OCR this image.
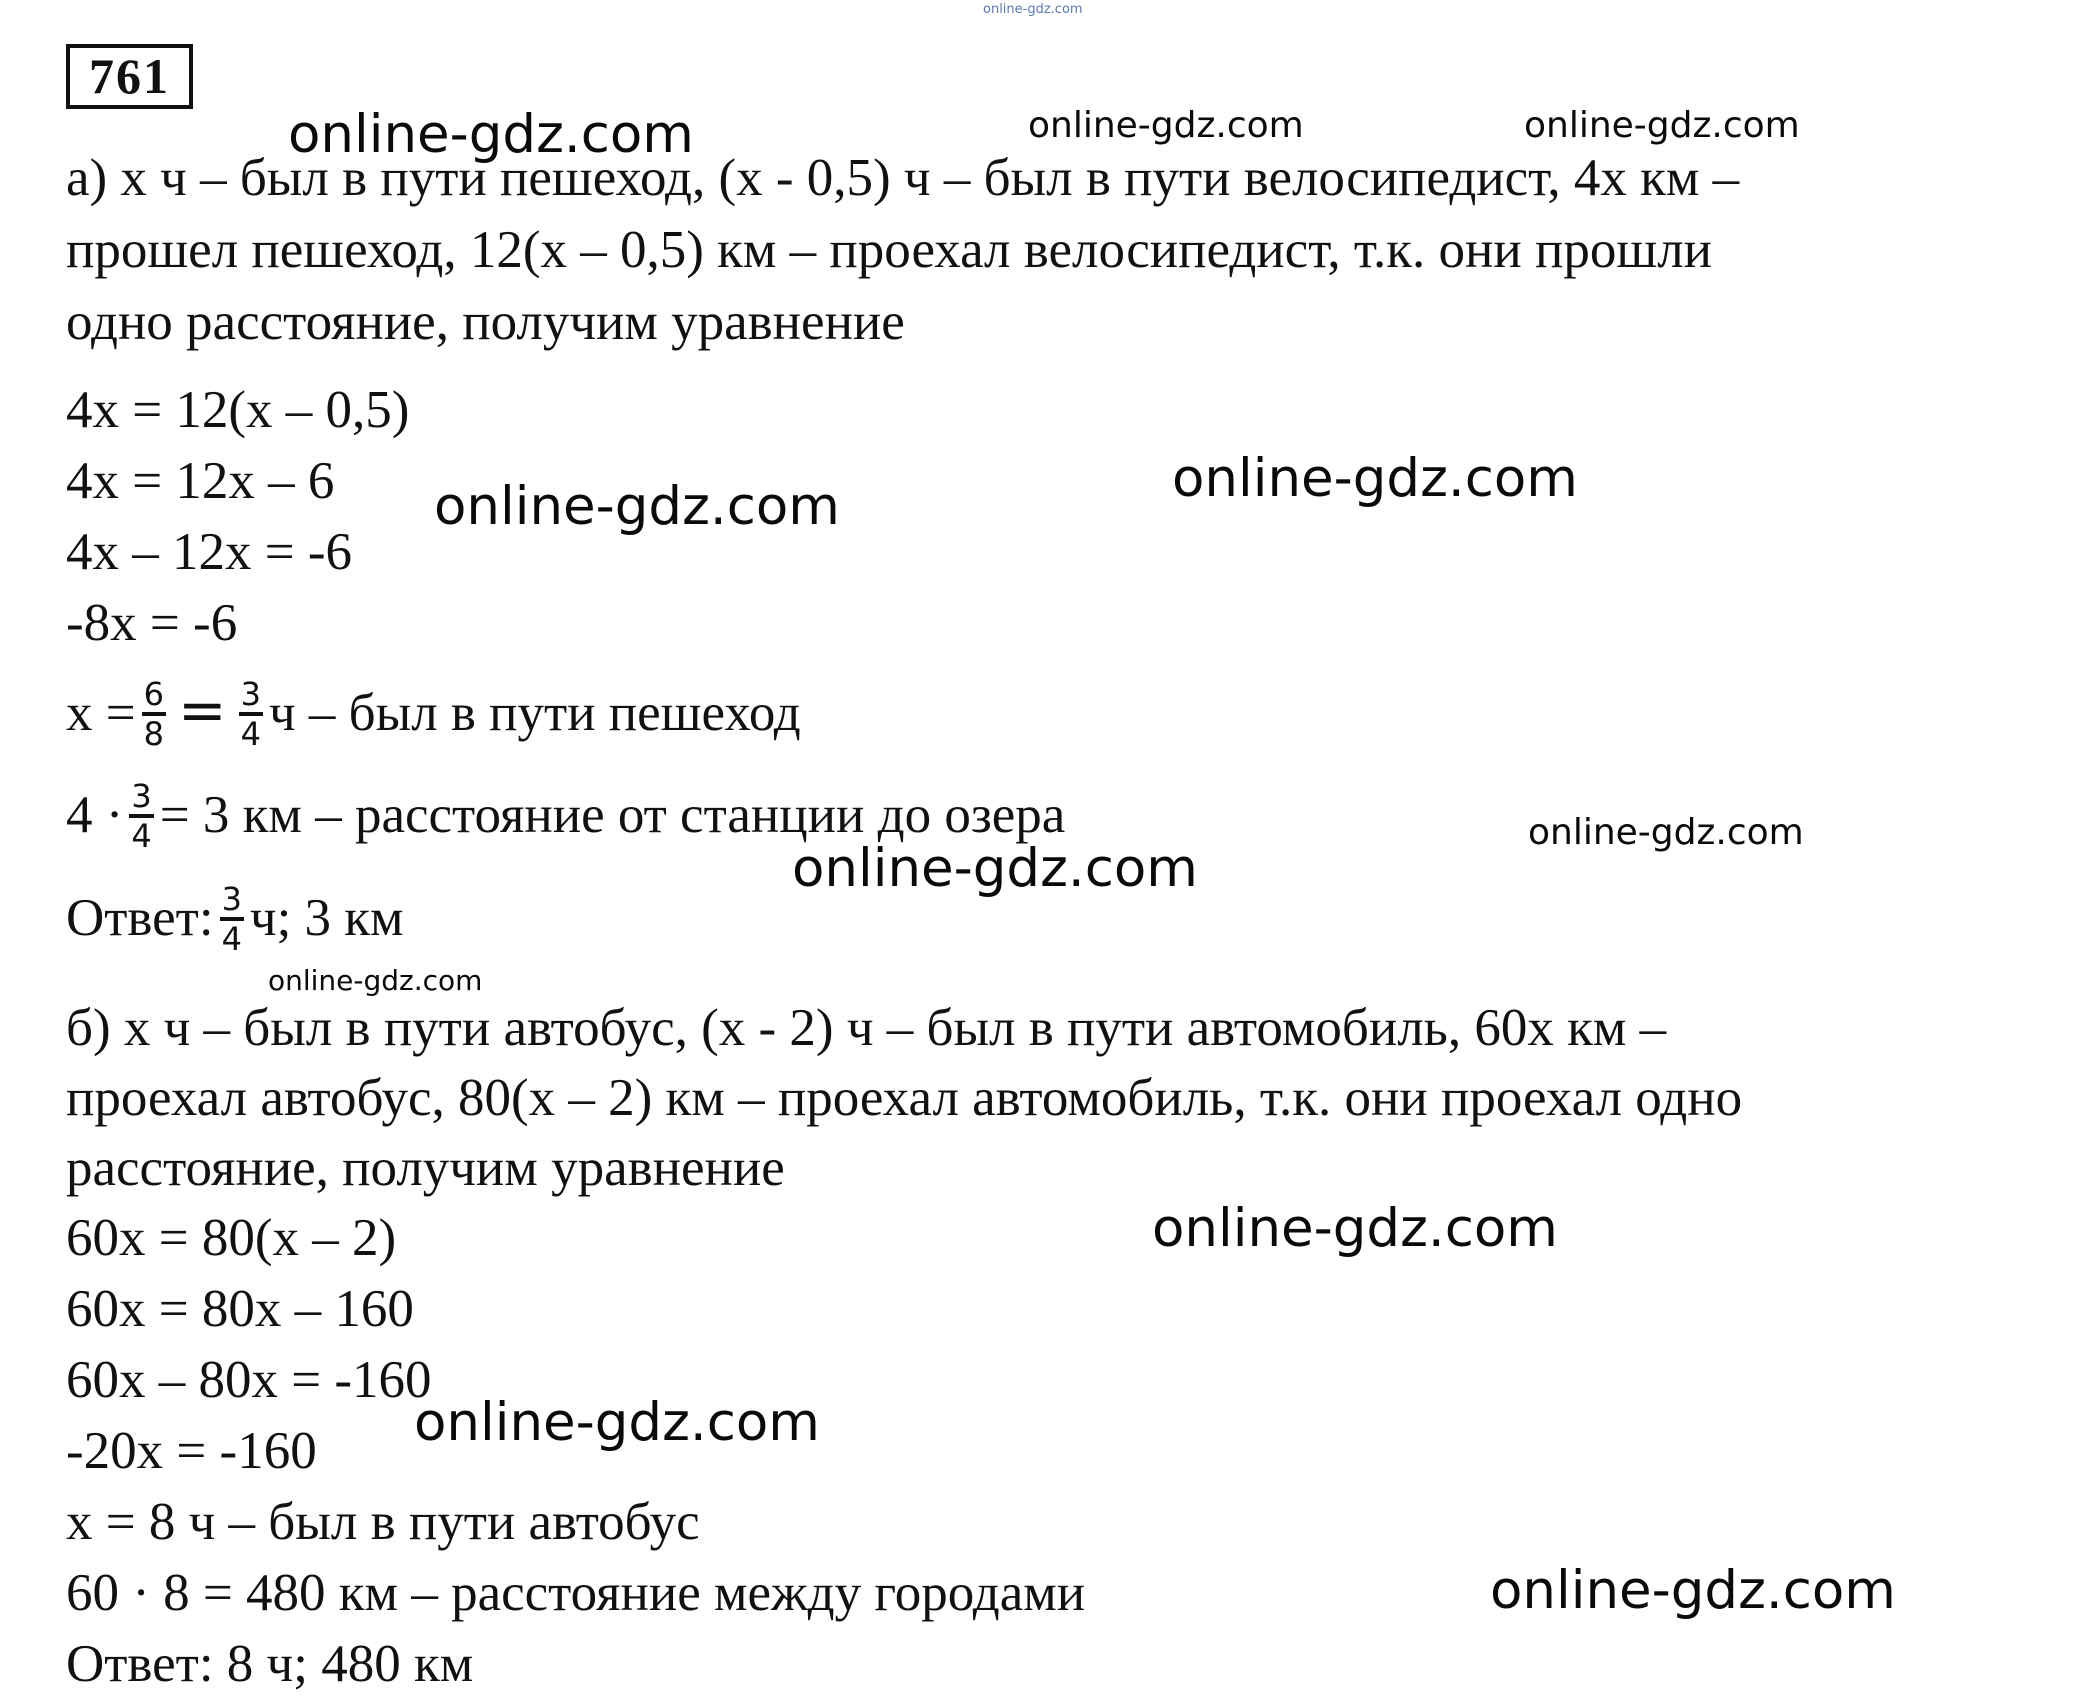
online-gdz.com
761
а) х ч – был в пути пешеход, (х - 0,5) ч – был в пути велосипедист, 4х км –
прошел пешеход, 12(х – 0,5) км – проехал велосипедист, т.к. они прошли
одно расстояние, получим уравнение
4х = 12(х – 0,5)
4х = 12х – 6
4х – 12х = -6
-8х = -6
$х = \frac{6}{8} = \frac{3}{4}$ ч – был в пути пешеход
$4 \cdot \frac{3}{4} = 3$ км – расстояние от станции до озера
Ответ: $\frac{3}{4} ч$; 3 км
б) х ч – был в пути автобус, (х - 2) ч – был в пути автомобиль, 60х км –
проехал автобус, 80(х – 2) км – проехал автомобиль, т.к. они проехал одно
расстояние, получим уравнение
60х = 80(х – 2)
60х = 80х – 160
60х – 80х = -160
-20х = -160
х = 8 ч – был в пути автобус
60 · 8 = 480 км – расстояние между городами
Ответ: 8 ч; 480 км
online-gdz.com	online-gdz.com	online-gdz.com
online-gdz.com
online-gdz.com
online-gdz.com
online-gdz.com
online-gdz.com
online-gdz.com
online-gdz.com
online-gdz.com
